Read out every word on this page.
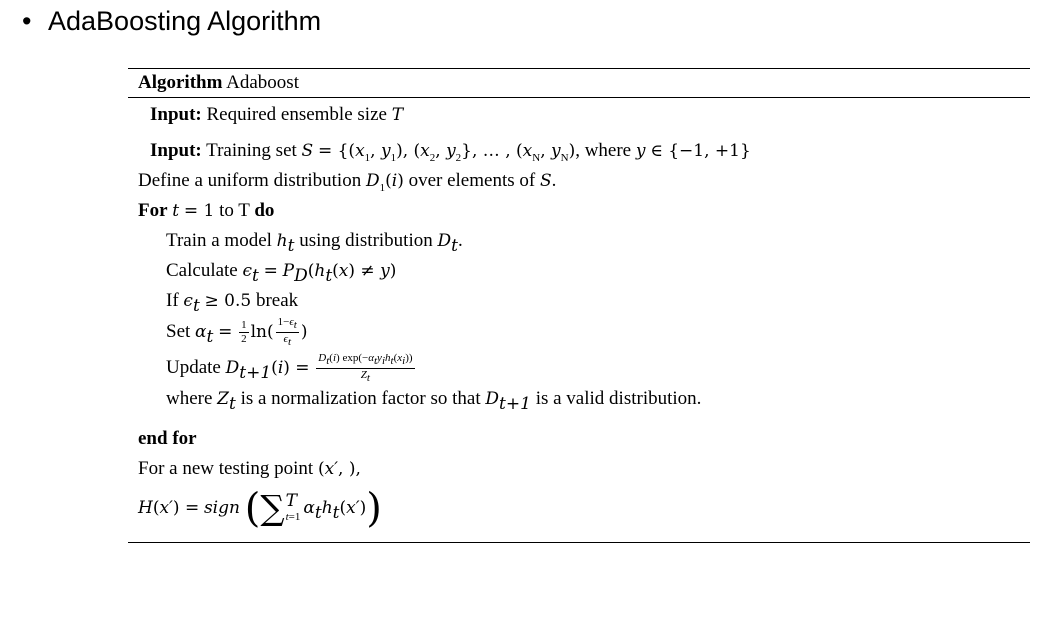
• AdaBoosting Algorithm
Algorithm Adaboost
Input: Required ensemble size T
Input: Training set $S = \{(x_1$, $y_1$), ($x_2$, $y_2$}, … , ($x_N$, $y_N$), where y ∈ {−1, +1}
Define a uniform distribution $D_1(i)$ over elements of S.
For t = 1 to T do
Train a model $h_t$ using distribution $D_t$.
Calculate $\epsilon_t = P_D(h_t(x) \ne y)$
If $\epsilon_t \ge 0.5$ break
Set $\alpha_t = \frac{1}{2} \ln( \frac{1-\epsilon_t}{\epsilon_t}$ )
Update $D_{t+1}(i) = \frac{D_t(i) \exp(-\alpha_ty_ih_t(x_i))}{Z_t}$
where $Z_t$ is a normalization factor so that $D_{t+1}$ is a valid distribution.
end for
For a new testing point (x′, ),
H(x′) = sign (∑ T
t=1 $\alpha_th_t(x')$)
